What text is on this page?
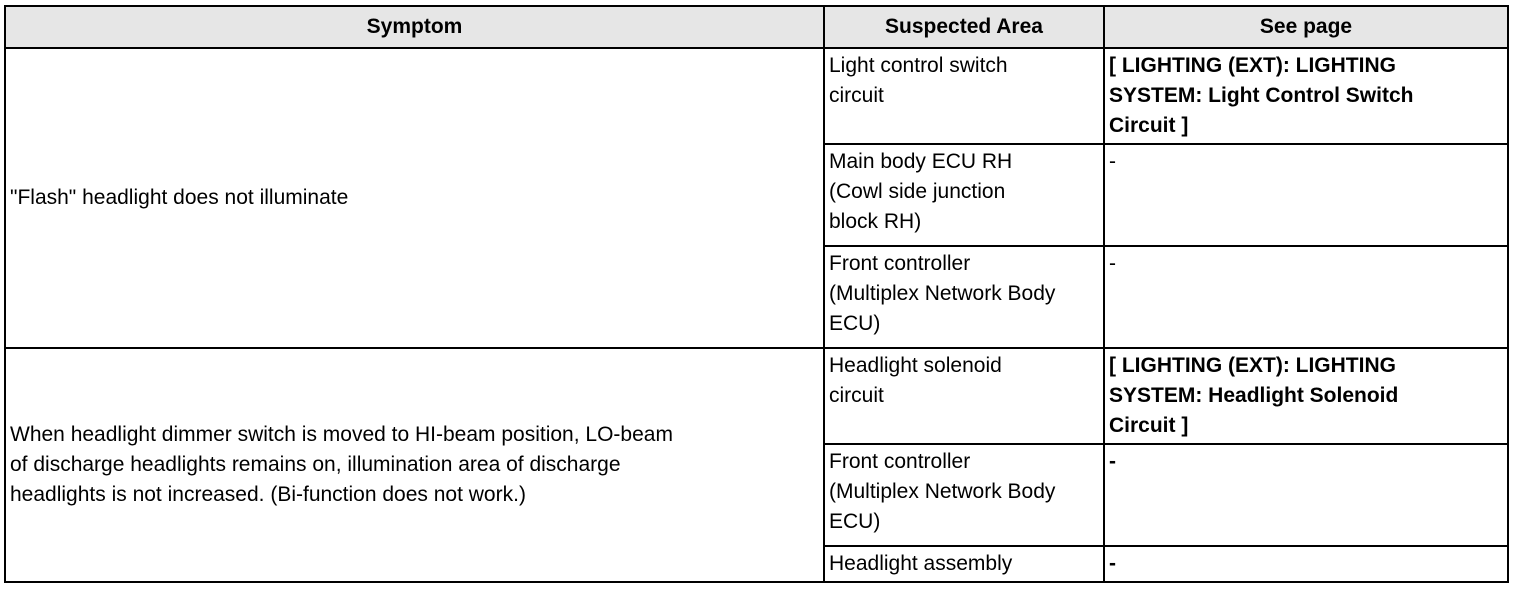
Symptom	Suspected Area	See page
"Flash" headlight does not illuminate	Light control switch
circuit	[ LIGHTING (EXT): LIGHTING
SYSTEM: Light Control Switch
Circuit ]
	Main body ECU RH
(Cowl side junction
block RH)	-
	Front controller
(Multiplex Network Body
ECU)	-
When headlight dimmer switch is moved to HI-beam position, LO-beam
of discharge headlights remains on, illumination area of discharge
headlights is not increased. (Bi-function does not work.)	Headlight solenoid
circuit	[ LIGHTING (EXT): LIGHTING
SYSTEM: Headlight Solenoid
Circuit ]
	Front controller
(Multiplex Network Body
ECU)	-
	Headlight assembly	-
